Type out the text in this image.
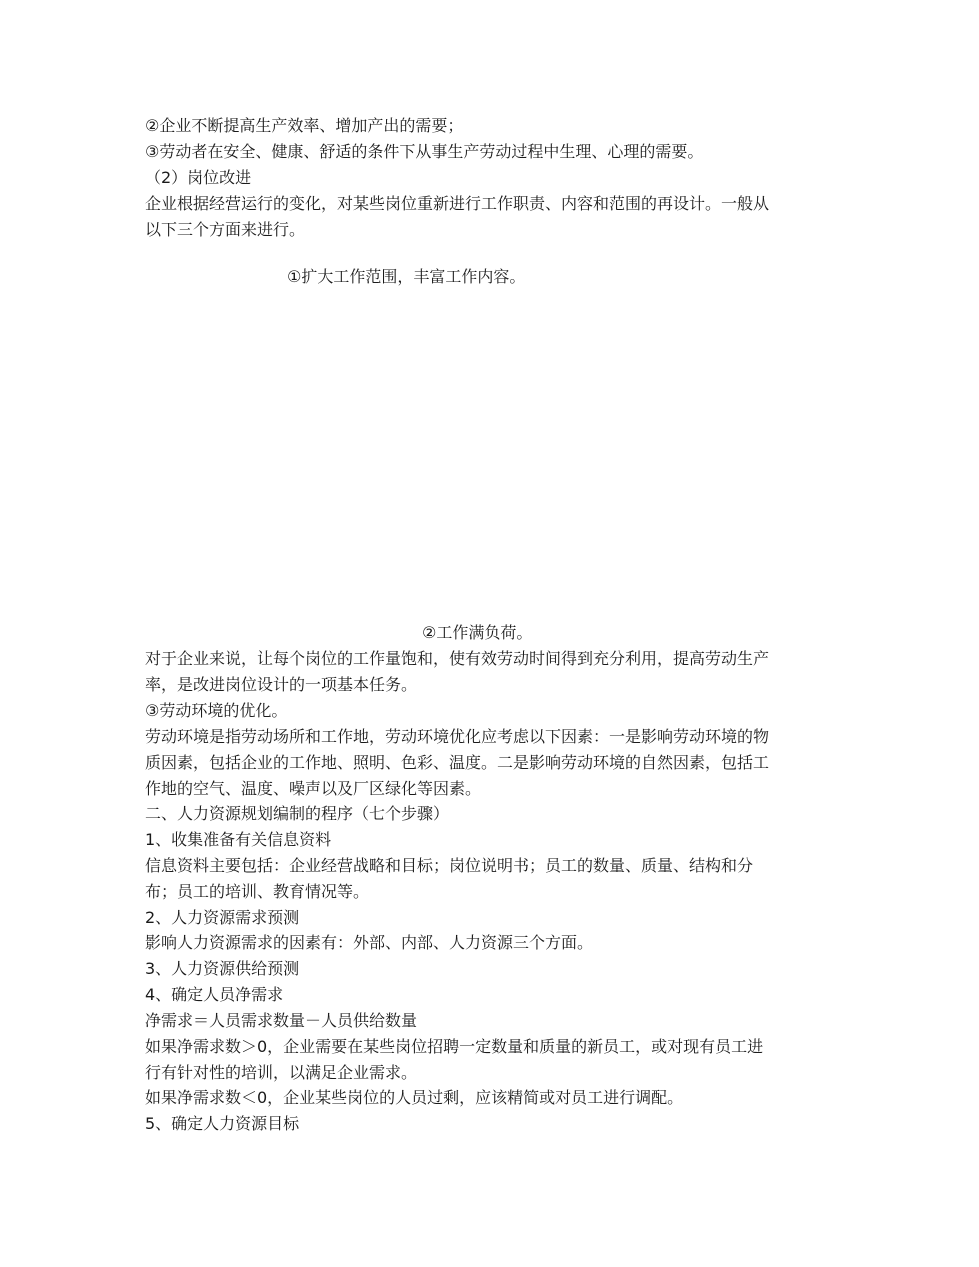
②企业不断提高生产效率、增加产出的需要；

③劳动者在安全、健康、舒适的条件下从事生产劳动过程中生理、心理的需要。

（2）岗位改进

企业根据经营运行的变化，对某些岗位重新进行工作职责、内容和范围的再设计。一般从

以下三个方面来进行。

①扩大工作范围，丰富工作内容。

②工作满负荷。

对于企业来说，让每个岗位的工作量饱和，使有效劳动时间得到充分利用，提高劳动生产

率，是改进岗位设计的一项基本任务。

③劳动环境的优化。

劳动环境是指劳动场所和工作地，劳动环境优化应考虑以下因素：一是影响劳动环境的物

质因素，包括企业的工作地、照明、色彩、温度。二是影响劳动环境的自然因素，包括工

作地的空气、温度、噪声以及厂区绿化等因素。

二、人力资源规划编制的程序（七个步骤）

1、收集准备有关信息资料

信息资料主要包括：企业经营战略和目标；岗位说明书；员工的数量、质量、结构和分

布；员工的培训、教育情况等。

2、人力资源需求预测

影响人力资源需求的因素有：外部、内部、人力资源三个方面。

3、人力资源供给预测

4、确定人员净需求

净需求＝人员需求数量－人员供给数量

如果净需求数＞0，企业需要在某些岗位招聘一定数量和质量的新员工，或对现有员工进

行有针对性的培训，以满足企业需求。

如果净需求数＜0，企业某些岗位的人员过剩，应该精简或对员工进行调配。

5、确定人力资源目标
